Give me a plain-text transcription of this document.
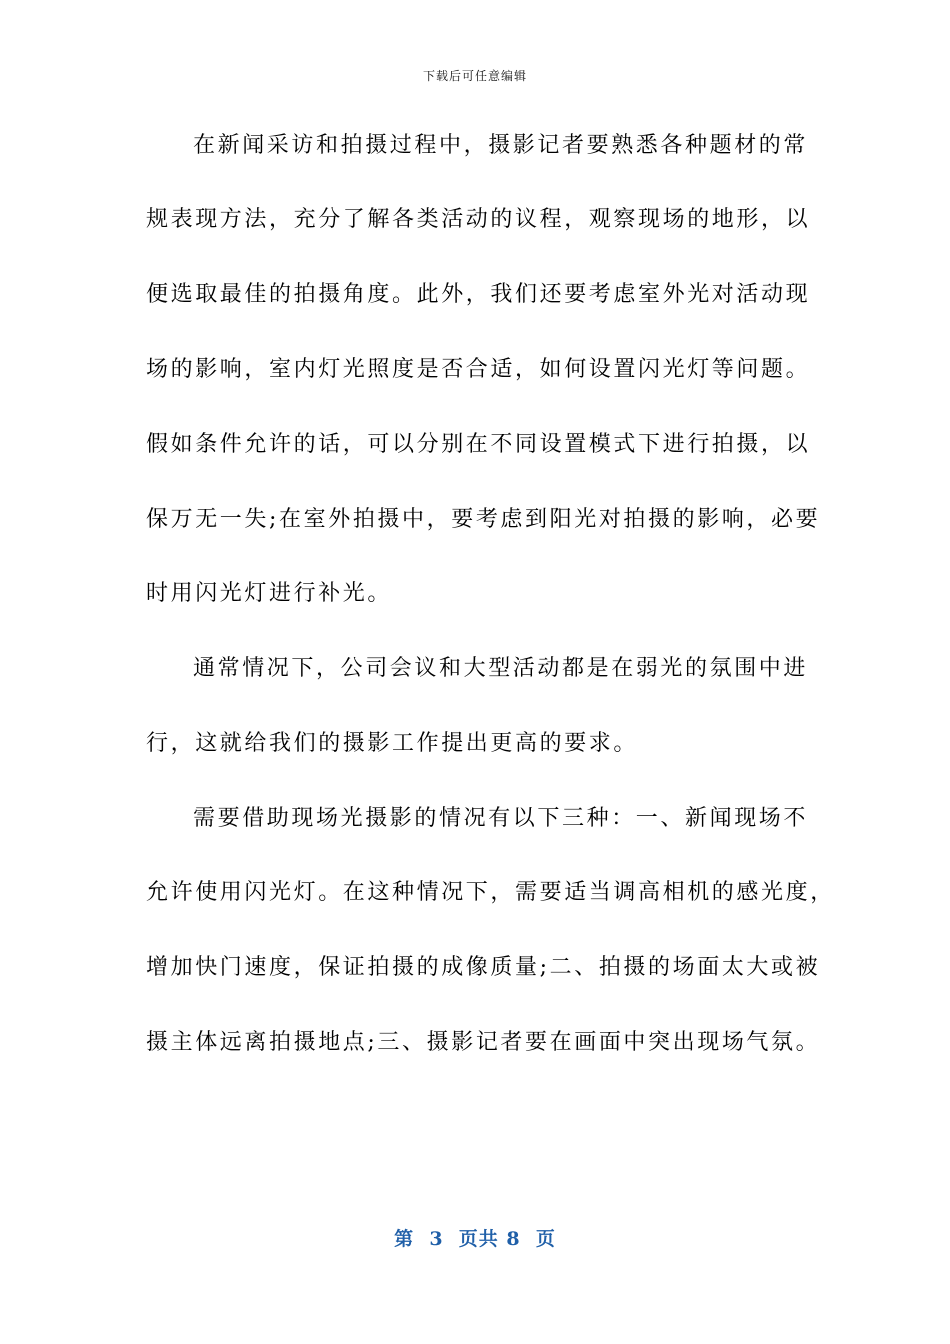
下载后可任意编辑
在新闻采访和拍摄过程中，摄影记者要熟悉各种题材的常
规表现方法，充分了解各类活动的议程，观察现场的地形，以
便选取最佳的拍摄角度。此外，我们还要考虑室外光对活动现
场的影响，室内灯光照度是否合适，如何设置闪光灯等问题。
假如条件允许的话，可以分别在不同设置模式下进行拍摄，以
保万无一失;在室外拍摄中，要考虑到阳光对拍摄的影响，必要
时用闪光灯进行补光。
通常情况下，公司会议和大型活动都是在弱光的氛围中进
行，这就给我们的摄影工作提出更高的要求。
需要借助现场光摄影的情况有以下三种：一、新闻现场不
允许使用闪光灯。在这种情况下，需要适当调高相机的感光度，
增加快门速度，保证拍摄的成像质量;二、拍摄的场面太大或被
摄主体远离拍摄地点;三、摄影记者要在画面中突出现场气氛。
第  3  页共 8  页
